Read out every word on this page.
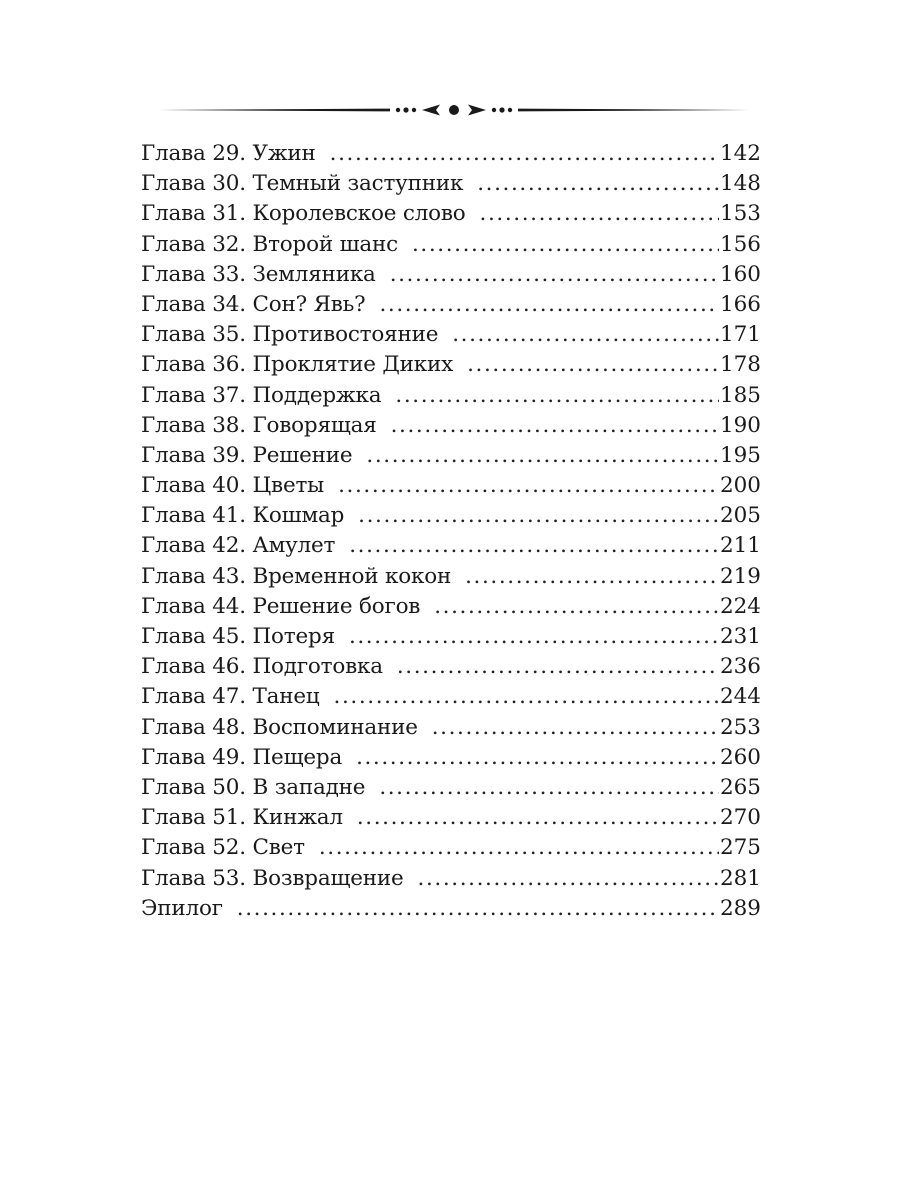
Глава 29. Ужин .....	142
Глава 30. Темный заступник .....	148
Глава 31. Королевское слово .....	153
Глава 32. Второй шанс .....	156
Глава 33. Земляника .....	160
Глава 34. Сон? Явь? .....	166
Глава 35. Противостояние .....	171
Глава 36. Проклятие Диких .....	178
Глава 37. Поддержка .....	185
Глава 38. Говорящая .....	190
Глава 39. Решение .....	195
Глава 40. Цветы .....	200
Глава 41. Кошмар .....	205
Глава 42. Амулет .....	211
Глава 43. Временной кокон .....	219
Глава 44. Решение богов .....	224
Глава 45. Потеря .....	231
Глава 46. Подготовка .....	236
Глава 47. Танец .....	244
Глава 48. Воспоминание .....	253
Глава 49. Пещера .....	260
Глава 50. В западне .....	265
Глава 51. Кинжал .....	270
Глава 52. Свет .....	275
Глава 53. Возвращение .....	281
Эпилог .....	289
